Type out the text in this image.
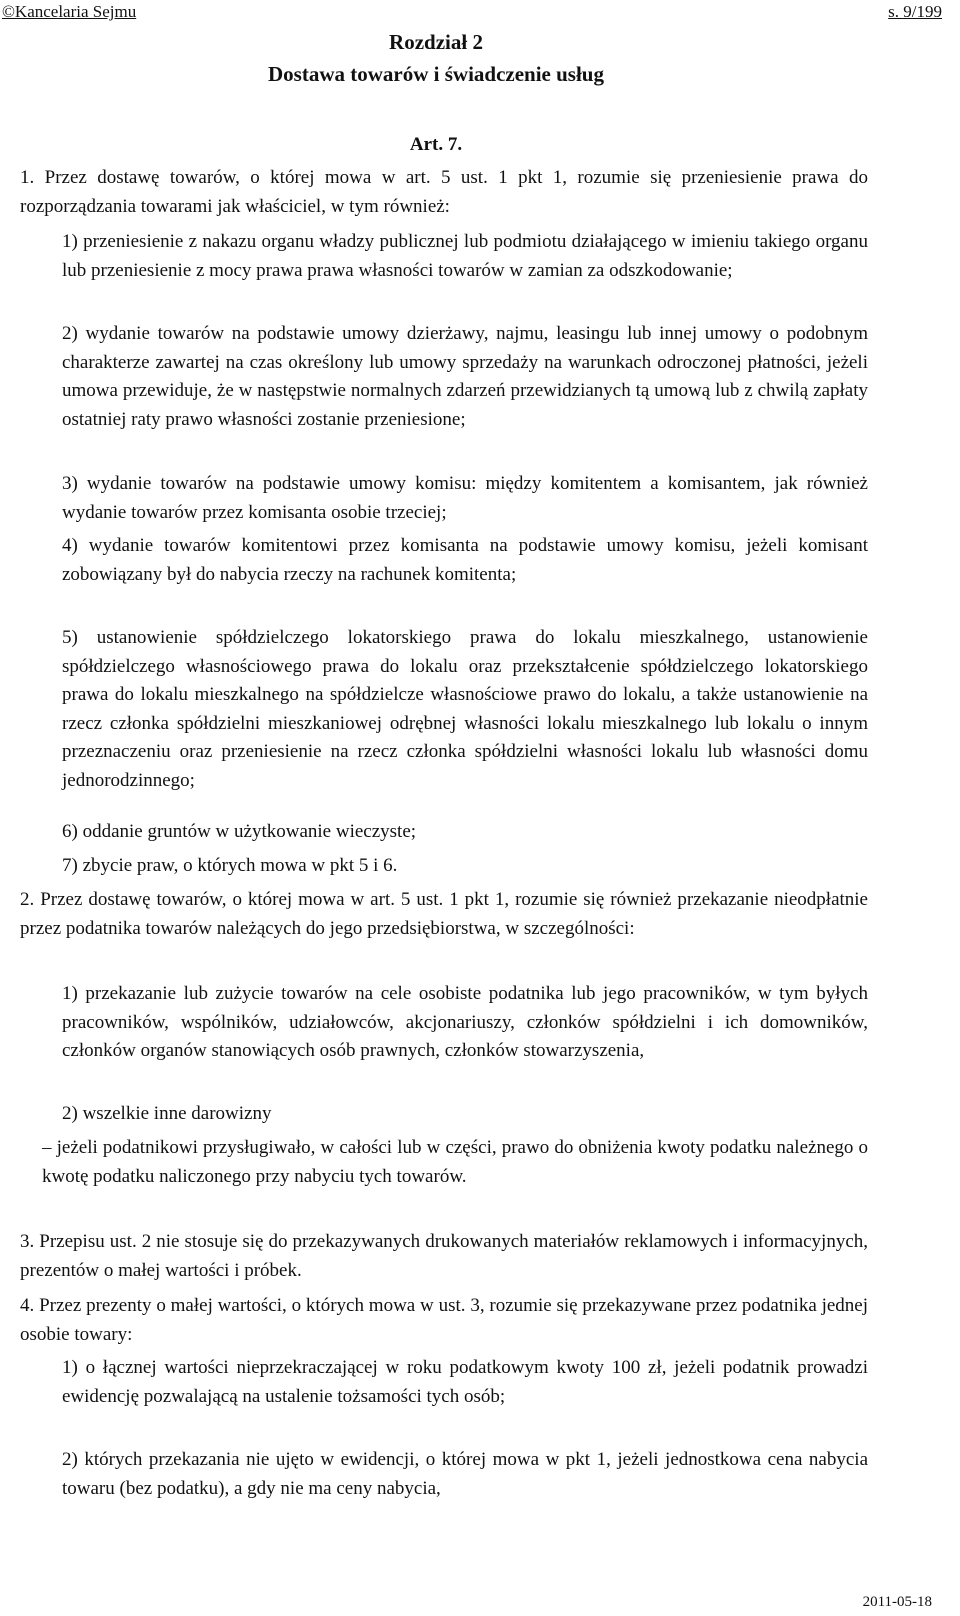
©Kancelaria Sejmu	s. 9/199
Rozdział 2
Dostawa towarów i świadczenie usług
Art. 7.
1. Przez dostawę towarów, o której mowa w art. 5 ust. 1 pkt 1, rozumie się przeniesienie prawa do rozporządzania towarami jak właściciel, w tym również:
1) przeniesienie z nakazu organu władzy publicznej lub podmiotu działającego w imieniu takiego organu lub przeniesienie z mocy prawa prawa własności towarów w zamian za odszkodowanie;
2) wydanie towarów na podstawie umowy dzierżawy, najmu, leasingu lub innej umowy o podobnym charakterze zawartej na czas określony lub umowy sprzedaży na warunkach odroczonej płatności, jeżeli umowa przewiduje, że w następstwie normalnych zdarzeń przewidzianych tą umową lub z chwilą zapłaty ostatniej raty prawo własności zostanie przeniesione;
3) wydanie towarów na podstawie umowy komisu: między komitentem a komisantem, jak również wydanie towarów przez komisanta osobie trzeciej;
4) wydanie towarów komitentowi przez komisanta na podstawie umowy komisu, jeżeli komisant zobowiązany był do nabycia rzeczy na rachunek komitenta;
5) ustanowienie spółdzielczego lokatorskiego prawa do lokalu mieszkalnego, ustanowienie spółdzielczego własnościowego prawa do lokalu oraz przekształcenie spółdzielczego lokatorskiego prawa do lokalu mieszkalnego na spółdzielcze własnościowe prawo do lokalu, a także ustanowienie na rzecz członka spółdzielni mieszkaniowej odrębnej własności lokalu mieszkalnego lub lokalu o innym przeznaczeniu oraz przeniesienie na rzecz członka spółdzielni własności lokalu lub własności domu jednorodzinnego;
6) oddanie gruntów w użytkowanie wieczyste;
7) zbycie praw, o których mowa w pkt 5 i 6.
2. Przez dostawę towarów, o której mowa w art. 5 ust. 1 pkt 1, rozumie się również przekazanie nieodpłatnie przez podatnika towarów należących do jego przedsiębiorstwa, w szczególności:
1) przekazanie lub zużycie towarów na cele osobiste podatnika lub jego pracowników, w tym byłych pracowników, wspólników, udziałowców, akcjonariuszy, członków spółdzielni i ich domowników, członków organów stanowiących osób prawnych, członków stowarzyszenia,
2) wszelkie inne darowizny
– jeżeli podatnikowi przysługiwało, w całości lub w części, prawo do obniżenia kwoty podatku należnego o kwotę podatku naliczonego przy nabyciu tych towarów.
3. Przepisu ust. 2 nie stosuje się do przekazywanych drukowanych materiałów reklamowych i informacyjnych, prezentów o małej wartości i próbek.
4. Przez prezenty o małej wartości, o których mowa w ust. 3, rozumie się przekazywane przez podatnika jednej osobie towary:
1) o łącznej wartości nieprzekraczającej w roku podatkowym kwoty 100 zł, jeżeli podatnik prowadzi ewidencję pozwalającą na ustalenie tożsamości tych osób;
2) których przekazania nie ujęto w ewidencji, o której mowa w pkt 1, jeżeli jednostkowa cena nabycia towaru (bez podatku), a gdy nie ma ceny nabycia,
2011-05-18
